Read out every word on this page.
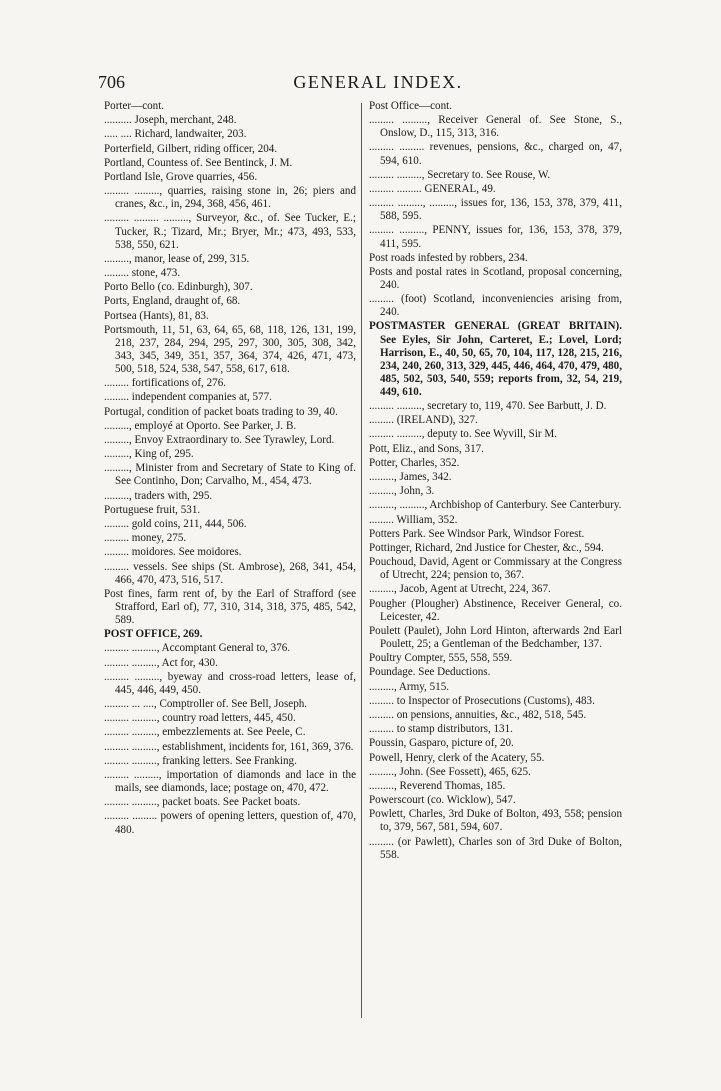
706	GENERAL INDEX.

Porter—cont.

.......... Joseph, merchant, 248.

..... .... Richard, landwaiter, 203.

Porterfield, Gilbert, riding officer, 204.

Portland, Countess of. See Bentinck, J. M.

Portland Isle, Grove quarries, 456.

......... ........., quarries, raising stone in, 26; piers and cranes, &c., in, 294, 368, 456, 461.

......... ......... ........., Surveyor, &c., of. See Tucker, E.; Tucker, R.; Tizard, Mr.; Bryer, Mr.; 473, 493, 533, 538, 550, 621.

........., manor, lease of, 299, 315.

......... stone, 473.

Porto Bello (co. Edinburgh), 307.

Ports, England, draught of, 68.

Portsea (Hants), 81, 83.

Portsmouth, 11, 51, 63, 64, 65, 68, 118, 126, 131, 199, 218, 237, 284, 294, 295, 297, 300, 305, 308, 342, 343, 345, 349, 351, 357, 364, 374, 426, 471, 473, 500, 518, 524, 538, 547, 558, 617, 618.

......... fortifications of, 276.

......... independent companies at, 577.

Portugal, condition of packet boats trading to 39, 40.

........., employé at Oporto. See Parker, J. B.

........., Envoy Extraordinary to. See Tyrawley, Lord.

........., King of, 295.

........., Minister from and Secretary of State to King of. See Continho, Don; Carvalho, M., 454, 473.

........., traders with, 295.

Portuguese fruit, 531.

......... gold coins, 211, 444, 506.

......... money, 275.

......... moidores. See moidores.

......... vessels. See ships (St. Ambrose), 268, 341, 454, 466, 470, 473, 516, 517.

Post fines, farm rent of, by the Earl of Strafford (see Strafford, Earl of), 77, 310, 314, 318, 375, 485, 542, 589.

POST OFFICE, 269.

......... ........., Accomptant General to, 376.

......... ........., Act for, 430.

......... ........., byeway and cross-road letters, lease of, 445, 446, 449, 450.

......... ... ...., Comptroller of. See Bell, Joseph.

......... ........., country road letters, 445, 450.

......... ........., embezzlements at. See Peele, C.

......... ........., establishment, incidents for, 161, 369, 376.

......... ........., franking letters. See Franking.

......... ........., importation of diamonds and lace in the mails, see diamonds, lace; postage on, 470, 472.

......... ........., packet boats. See Packet boats.

......... ......... powers of opening letters, question of, 470, 480.

Post Office—cont.

......... ........., Receiver General of. See Stone, S., Onslow, D., 115, 313, 316.

......... ......... revenues, pensions, &c., charged on, 47, 594, 610.

......... ........., Secretary to. See Rouse, W.

......... ......... GENERAL, 49.

......... ........., ........., issues for, 136, 153, 378, 379, 411, 588, 595.

......... ........., PENNY, issues for, 136, 153, 378, 379, 411, 595.

Post roads infested by robbers, 234.

Posts and postal rates in Scotland, proposal concerning, 240.

......... (foot) Scotland, inconveniencies arising from, 240.

POSTMASTER GENERAL (GREAT BRITAIN). See Eyles, Sir John, Carteret, E.; Lovel, Lord; Harrison, E., 40, 50, 65, 70, 104, 117, 128, 215, 216, 234, 240, 260, 313, 329, 445, 446, 464, 470, 479, 480, 485, 502, 503, 540, 559; reports from, 32, 54, 219, 449, 610.

......... ........., secretary to, 119, 470. See Barbutt, J. D.

......... (IRELAND), 327.

......... ........., deputy to. See Wyvill, Sir M.

Pott, Eliz., and Sons, 317.

Potter, Charles, 352.

........., James, 342.

........., John, 3.

........., ........., Archbishop of Canterbury. See Canterbury.

......... William, 352.

Potters Park. See Windsor Park, Windsor Forest.

Pottinger, Richard, 2nd Justice for Chester, &c., 594.

Pouchoud, David, Agent or Commissary at the Congress of Utrecht, 224; pension to, 367.

........., Jacob, Agent at Utrecht, 224, 367.

Pougher (Plougher) Abstinence, Receiver General, co. Leicester, 42.

Poulett (Paulet), John Lord Hinton, afterwards 2nd Earl Poulett, 25; a Gentleman of the Bedchamber, 137.

Poultry Compter, 555, 558, 559.

Poundage. See Deductions.

........., Army, 515.

......... to Inspector of Prosecutions (Customs), 483.

......... on pensions, annuities, &c., 482, 518, 545.

......... to stamp distributors, 131.

Poussin, Gasparo, picture of, 20.

Powell, Henry, clerk of the Acatery, 55.

........., John. (See Fossett), 465, 625.

........., Reverend Thomas, 185.

Powerscourt (co. Wicklow), 547.

Powlett, Charles, 3rd Duke of Bolton, 493, 558; pension to, 379, 567, 581, 594, 607.

......... (or Pawlett), Charles son of 3rd Duke of Bolton, 558.
